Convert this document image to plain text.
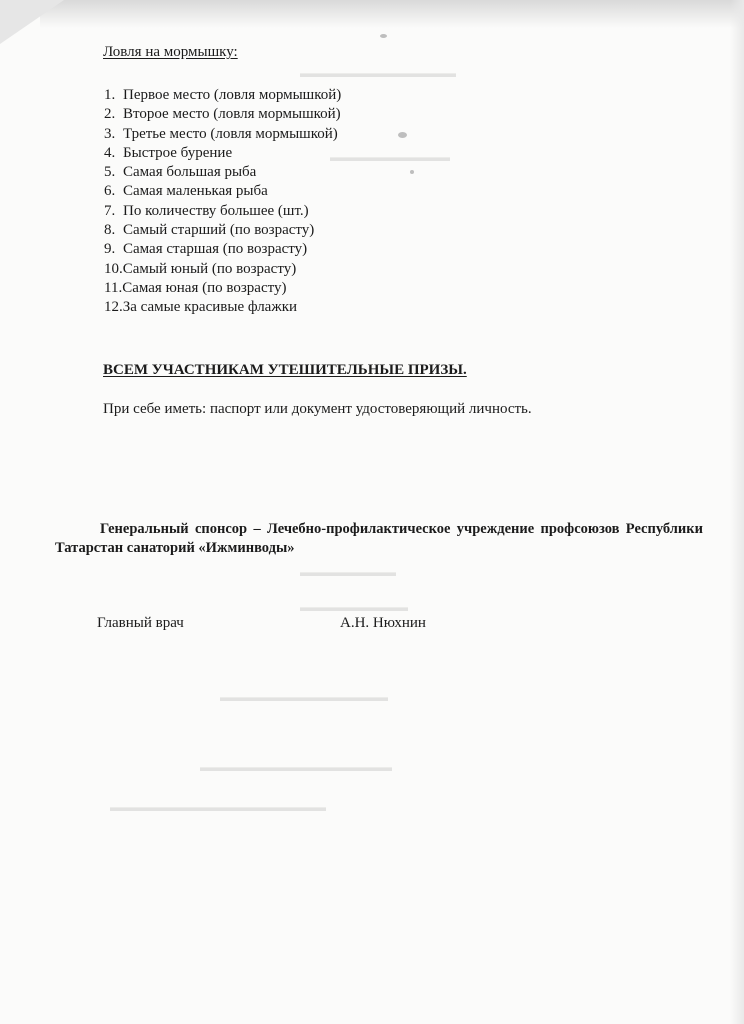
▬▬▬▬▬▬▬▬▬▬▬▬▬
▬▬▬▬▬▬▬▬▬▬
▬▬▬▬▬▬▬▬
▬▬▬▬▬▬▬▬▬
▬▬▬▬▬▬▬▬▬▬▬▬▬▬
▬▬▬▬▬▬▬▬▬▬▬▬▬▬▬▬
▬▬▬▬▬▬▬▬▬▬▬▬▬▬▬▬▬▬
Ловля на мормышку:
1. Первое место (ловля мормышкой)
2. Второе место (ловля мормышкой)
3. Третье место (ловля мормышкой)
4. Быстрое бурение
5. Самая большая рыба
6. Самая маленькая рыба
7. По количеству большее (шт.)
8. Самый старший (по возрасту)
9. Самая старшая (по возрасту)
10.Самый юный (по возрасту)
11.Самая юная (по возрасту)
12.За самые красивые флажки
ВСЕМ УЧАСТНИКАМ УТЕШИТЕЛЬНЫЕ ПРИЗЫ.
При себе иметь: паспорт или документ удостоверяющий личность.
Генеральный спонсор – Лечебно-профилактическое учреждение профсоюзов Республики Татарстан санаторий «Ижминводы»
Главный врач	А.Н. Нюхнин
